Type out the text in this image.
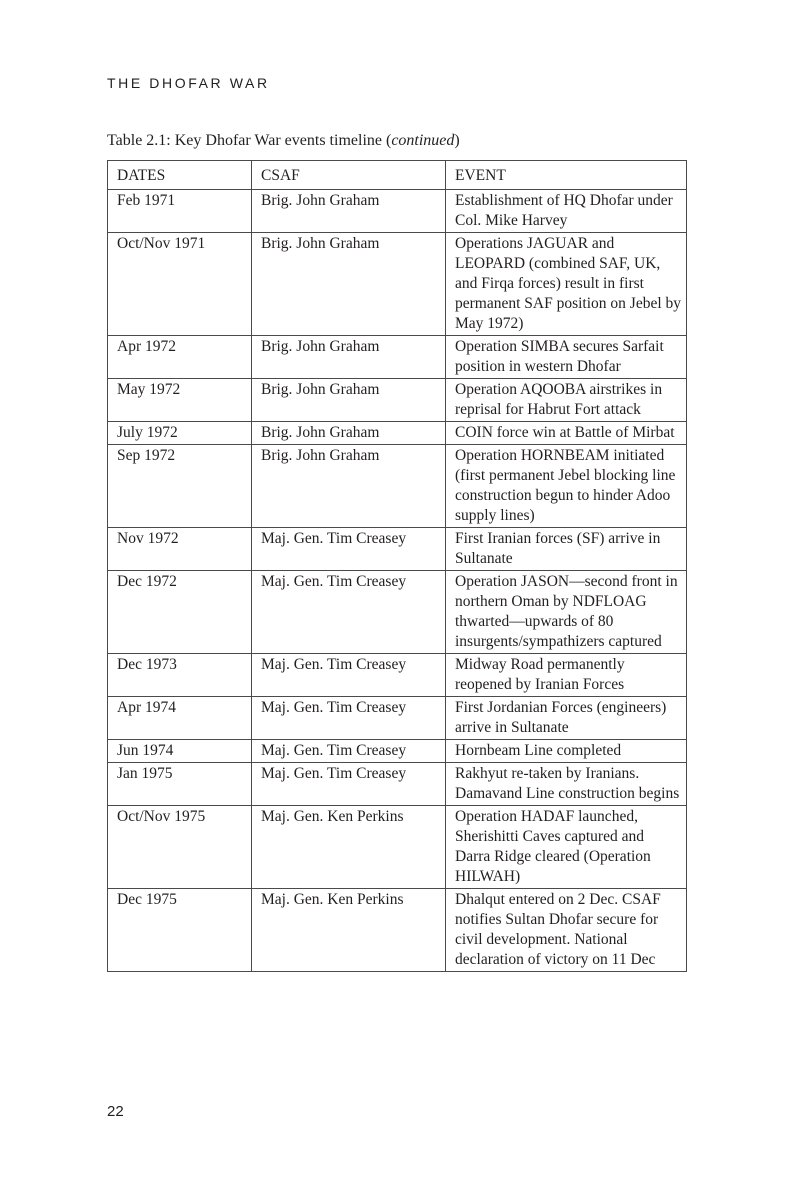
THE DHOFAR WAR
Table 2.1: Key Dhofar War events timeline (continued)
DATES	CSAF	EVENT
Feb 1971	Brig. John Graham	Establishment of HQ Dhofar under Col. Mike Harvey
Oct/Nov 1971	Brig. John Graham	Operations JAGUAR and LEOPARD (combined SAF, UK, and Firqa forces) result in first permanent SAF position on Jebel by May 1972)
Apr 1972	Brig. John Graham	Operation SIMBA secures Sarfait position in western Dhofar
May 1972	Brig. John Graham	Operation AQOOBA airstrikes in reprisal for Habrut Fort attack
July 1972	Brig. John Graham	COIN force win at Battle of Mirbat
Sep 1972	Brig. John Graham	Operation HORNBEAM initiated (first permanent Jebel blocking line construction begun to hinder Adoo supply lines)
Nov 1972	Maj. Gen. Tim Creasey	First Iranian forces (SF) arrive in Sultanate
Dec 1972	Maj. Gen. Tim Creasey	Operation JASON—second front in northern Oman by NDFLOAG thwarted—upwards of 80 insurgents/sympathizers captured
Dec 1973	Maj. Gen. Tim Creasey	Midway Road permanently reopened by Iranian Forces
Apr 1974	Maj. Gen. Tim Creasey	First Jordanian Forces (engineers) arrive in Sultanate
Jun 1974	Maj. Gen. Tim Creasey	Hornbeam Line completed
Jan 1975	Maj. Gen. Tim Creasey	Rakhyut re-taken by Iranians. Damavand Line construction begins
Oct/Nov 1975	Maj. Gen. Ken Perkins	Operation HADAF launched, Sherishitti Caves captured and Darra Ridge cleared (Operation HILWAH)
Dec 1975	Maj. Gen. Ken Perkins	Dhalqut entered on 2 Dec. CSAF notifies Sultan Dhofar secure for civil development. National declaration of victory on 11 Dec
22
